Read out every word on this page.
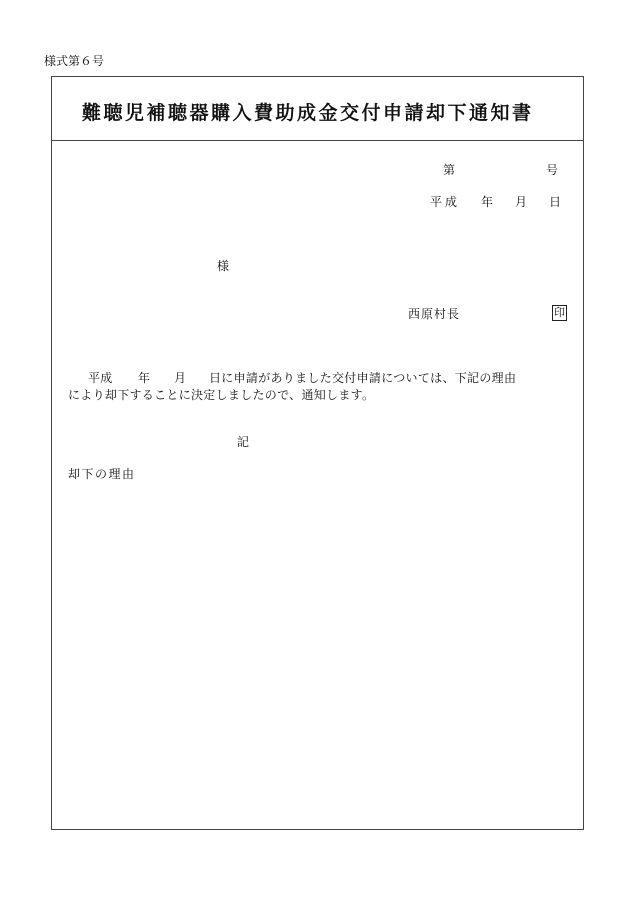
様式第６号
難聴児補聴器購入費助成金交付申請却下通知書
第	号
平成 年 月 日
様
西原村長	印
平成 年 月 日に申請がありました交付申請については、下記の理由
により却下することに決定しましたので、通知します。
記
却下の理由
